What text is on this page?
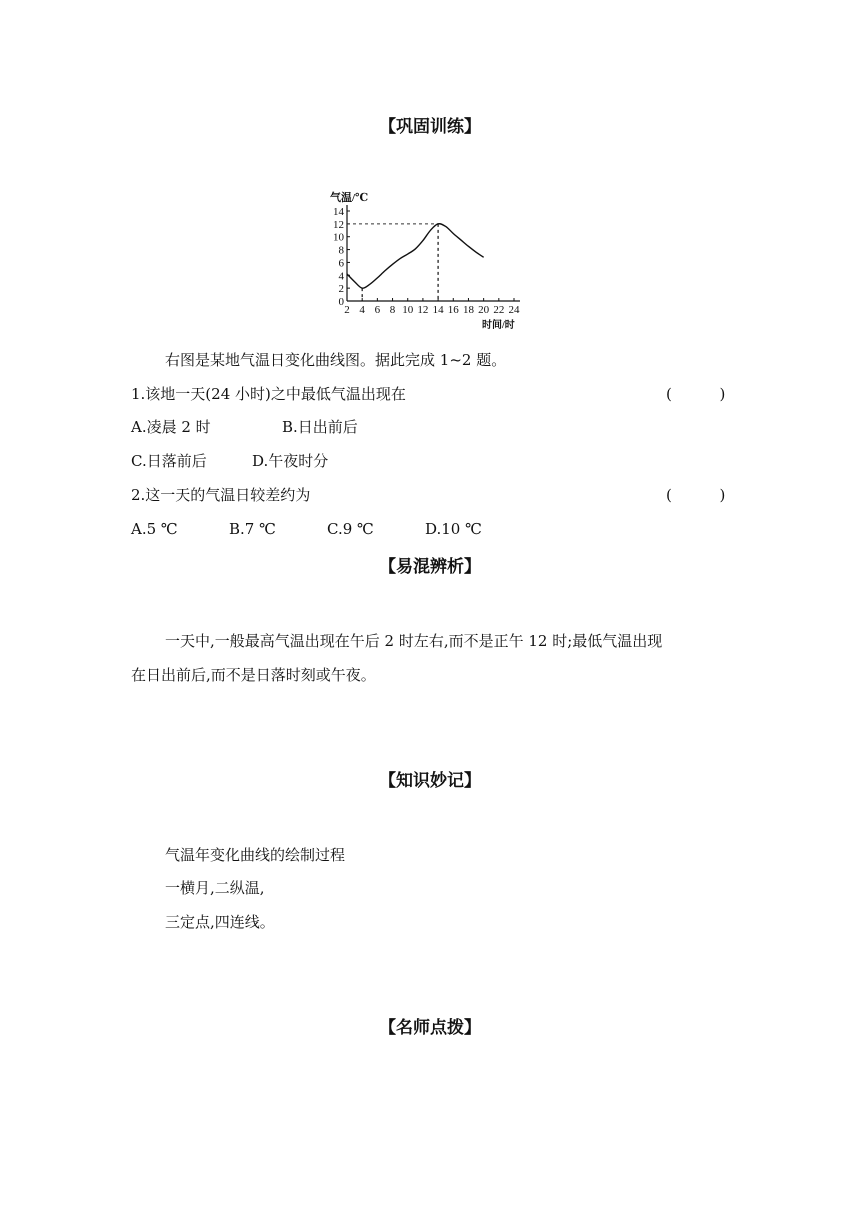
【巩固训练】
2 4 6 8 10 12 14 16 18 20 22 24
0
2
4
6
8
10
12
14
气温/℃
时间/时
右图是某地气温日变化曲线图。据此完成 1~2 题。
1.该地一天(24 小时)之中最低气温出现在	(          )
A.凌晨 2 时	B.日出前后
C.日落前后	D.午夜时分
2.这一天的气温日较差约为	(          )
A.5 ℃	B.7 ℃	C.9 ℃	D.10 ℃
【易混辨析】
一天中,一般最高气温出现在午后 2 时左右,而不是正午 12 时;最低气温出现
在日出前后,而不是日落时刻或午夜。
【知识妙记】
气温年变化曲线的绘制过程
一横月,二纵温,
三定点,四连线。
【名师点拨】
